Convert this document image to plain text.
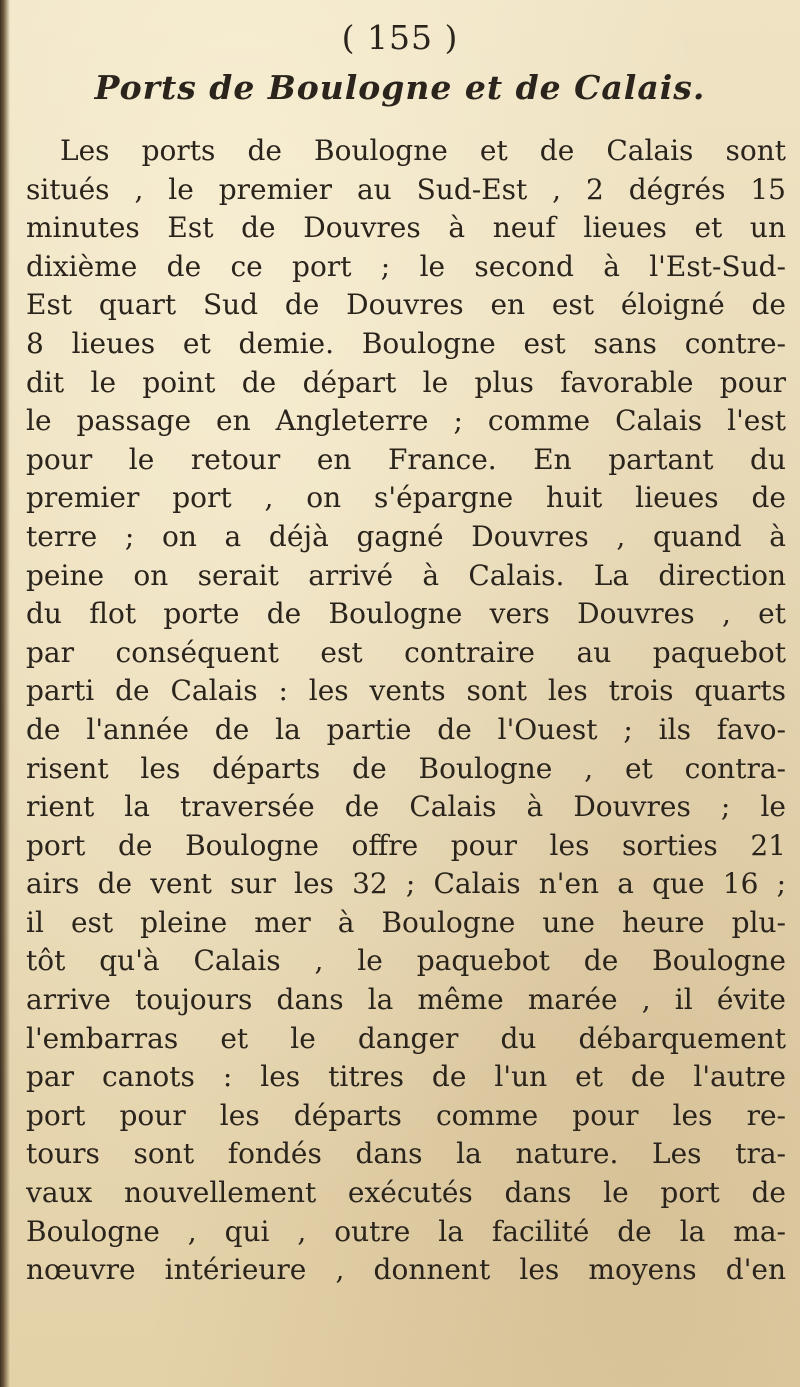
( 155 )

Ports de Boulogne et de Calais.

Les ports de Boulogne et de Calais sont
situés , le premier au Sud-Est , 2 dégrés 15
minutes Est de Douvres à neuf lieues et un
dixième de ce port ; le second à l'Est-Sud-
Est quart Sud de Douvres en est éloigné de
8 lieues et demie. Boulogne est sans contre-
dit le point de départ le plus favorable pour
le passage en Angleterre ; comme Calais l'est
pour le retour en France. En partant du
premier port , on s'épargne huit lieues de
terre ; on a déjà gagné Douvres , quand à
peine on serait arrivé à Calais. La direction
du flot porte de Boulogne vers Douvres , et
par conséquent est contraire au paquebot
parti de Calais : les vents sont les trois quarts
de l'année de la partie de l'Ouest ; ils favo-
risent les départs de Boulogne , et contra-
rient la traversée de Calais à Douvres ; le
port de Boulogne offre pour les sorties 21
airs de vent sur les 32 ; Calais n'en a que 16 ;
il est pleine mer à Boulogne une heure plu-
tôt qu'à Calais , le paquebot de Boulogne
arrive toujours dans la même marée , il évite
l'embarras et le danger du débarquement
par canots : les titres de l'un et de l'autre
port pour les départs comme pour les re-
tours sont fondés dans la nature. Les tra-
vaux nouvellement exécutés dans le port de
Boulogne , qui , outre la facilité de la ma-
nœuvre intérieure , donnent les moyens d'en
